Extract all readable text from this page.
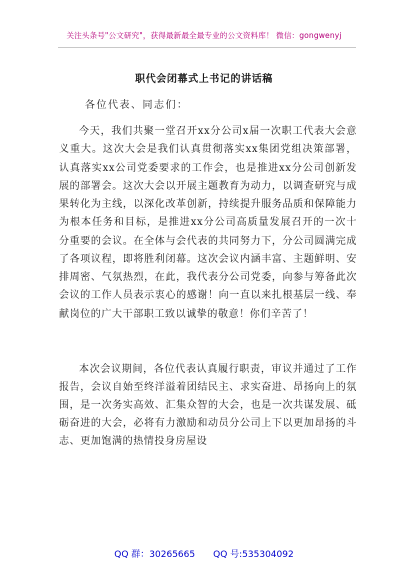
关注头条号"公文研究"，获得最新最全最专业的公文资料库！ 微信：gongwenyj
职代会闭幕式上书记的讲话稿
各位代表、同志们：

今天，我们共聚一堂召开xx分公司x届一次职工代表大会意义重大。这次大会是我们认真贯彻落实xx集团党组决策部署，认真落实xx公司党委要求的工作会，也是推进xx分公司创新发展的部署会。这次大会以开展主题教育为动力，以调查研究与成果转化为主线，以深化改革创新，持续提升服务品质和保障能力为根本任务和目标，是推进xx分公司高质量发展召开的一次十分重要的会议。在全体与会代表的共同努力下，分公司圆满完成了各项议程，即将胜利闭幕。这次会议内涵丰富、主题鲜明、安排周密、气氛热烈，在此，我代表分公司党委，向参与筹备此次会议的工作人员表示衷心的感谢！向一直以来扎根基层一线、奉献岗位的广大干部职工致以诚挚的敬意！你们辛苦了！

本次会议期间，各位代表认真履行职责，审议并通过了工作报告，会议自始至终洋溢着团结民主、求实奋进、昂扬向上的氛围，是一次务实高效、汇集众智的大会，也是一次共谋发展、砥砺奋进的大会，必将有力激励和动员分公司上下以更加昂扬的斗志、更加饱满的热情投身房屋设

QQ 群：30265665 QQ 号:535304092
